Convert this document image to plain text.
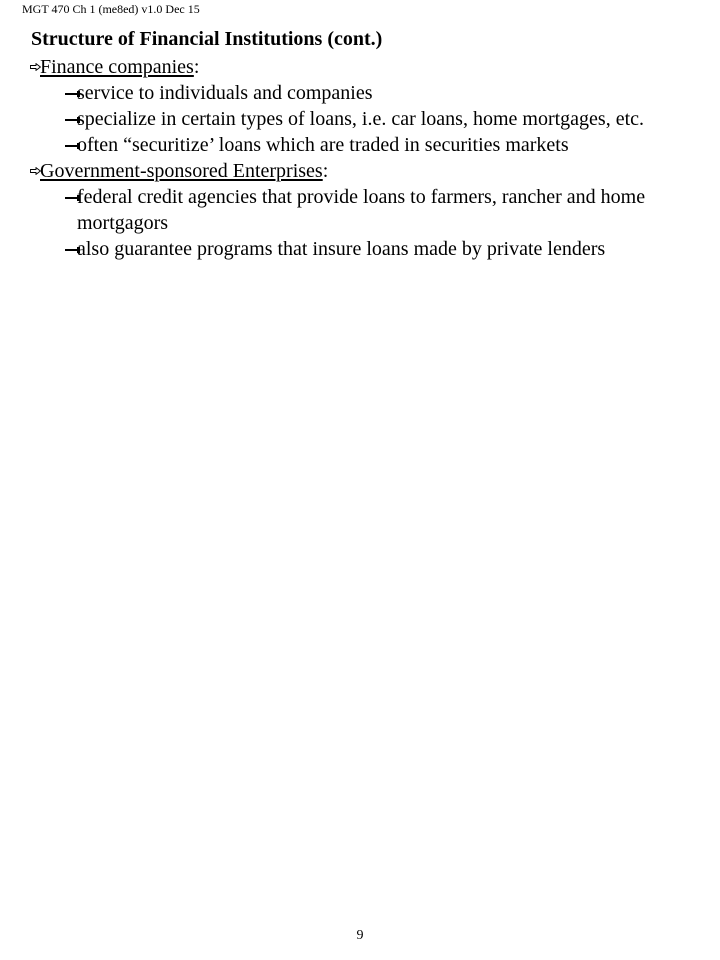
MGT 470 Ch 1 (me8ed) v1.0 Dec 15
Structure of Financial Institutions (cont.)
Finance companies:
service to individuals and companies
specialize in certain types of loans, i.e. car loans, home mortgages, etc.
often “securitize’ loans which are traded in securities markets
Government-sponsored Enterprises:
federal credit agencies that provide loans to farmers, rancher and home mortgagors
also guarantee programs that insure loans made by private lenders
9
